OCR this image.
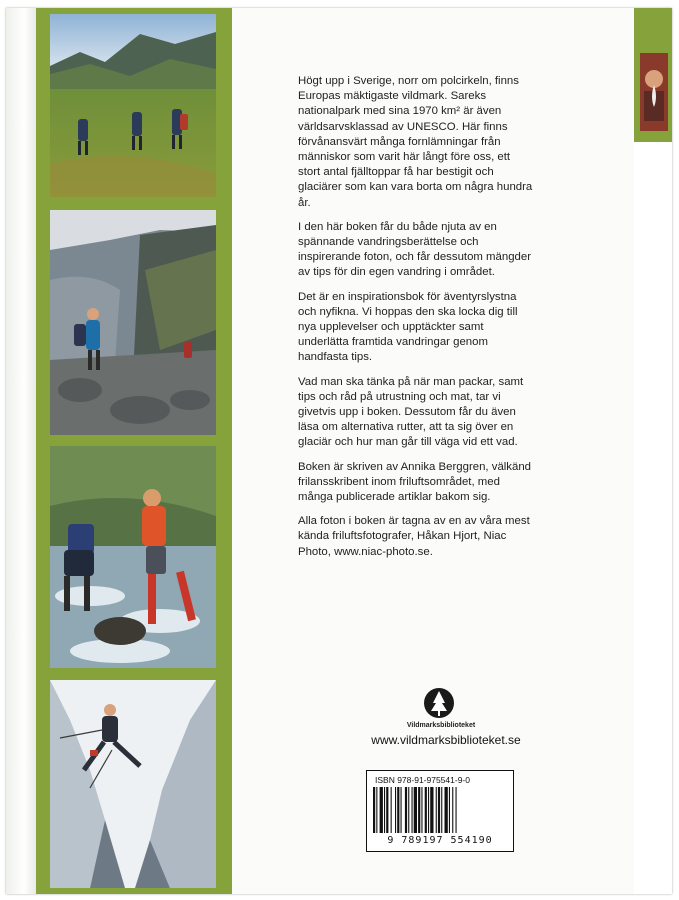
Högt upp i Sverige, norr om polcirkeln, finns Europas mäktigaste vildmark. Sareks nationalpark med sina 1970 km² är även världsarvsklassad av UNESCO. Här finns förvånansvärt många fornlämningar från människor som varit här långt före oss, ett stort antal fjälltoppar få har bestigit och glaciärer som kan vara borta om några hundra år.

I den här boken får du både njuta av en spännande vandringsberättelse och inspirerande foton, och får dessutom mängder av tips för din egen vandring i området.

Det är en inspirationsbok för äventyrslystna och nyfikna. Vi hoppas den ska locka dig till nya upplevelser och upptäckter samt underlätta framtida vandringar genom handfasta tips.

Vad man ska tänka på när man packar, samt tips och råd på utrustning och mat, tar vi givetvis upp i boken. Dessutom får du även läsa om alternativa rutter, att ta sig över en glaciär och hur man går till väga vid ett vad.

Boken är skriven av Annika Berggren, välkänd frilansskribent inom friluftsområdet, med många publicerade artiklar bakom sig.

Alla foton i boken är tagna av en av våra mest kända friluftsfotografer, Håkan Hjort, Niac Photo, www.niac-photo.se.

Vildmarksbiblioteket
www.vildmarksbiblioteket.se
ISBN 978-91-975541-9-0
9 789197 554190
